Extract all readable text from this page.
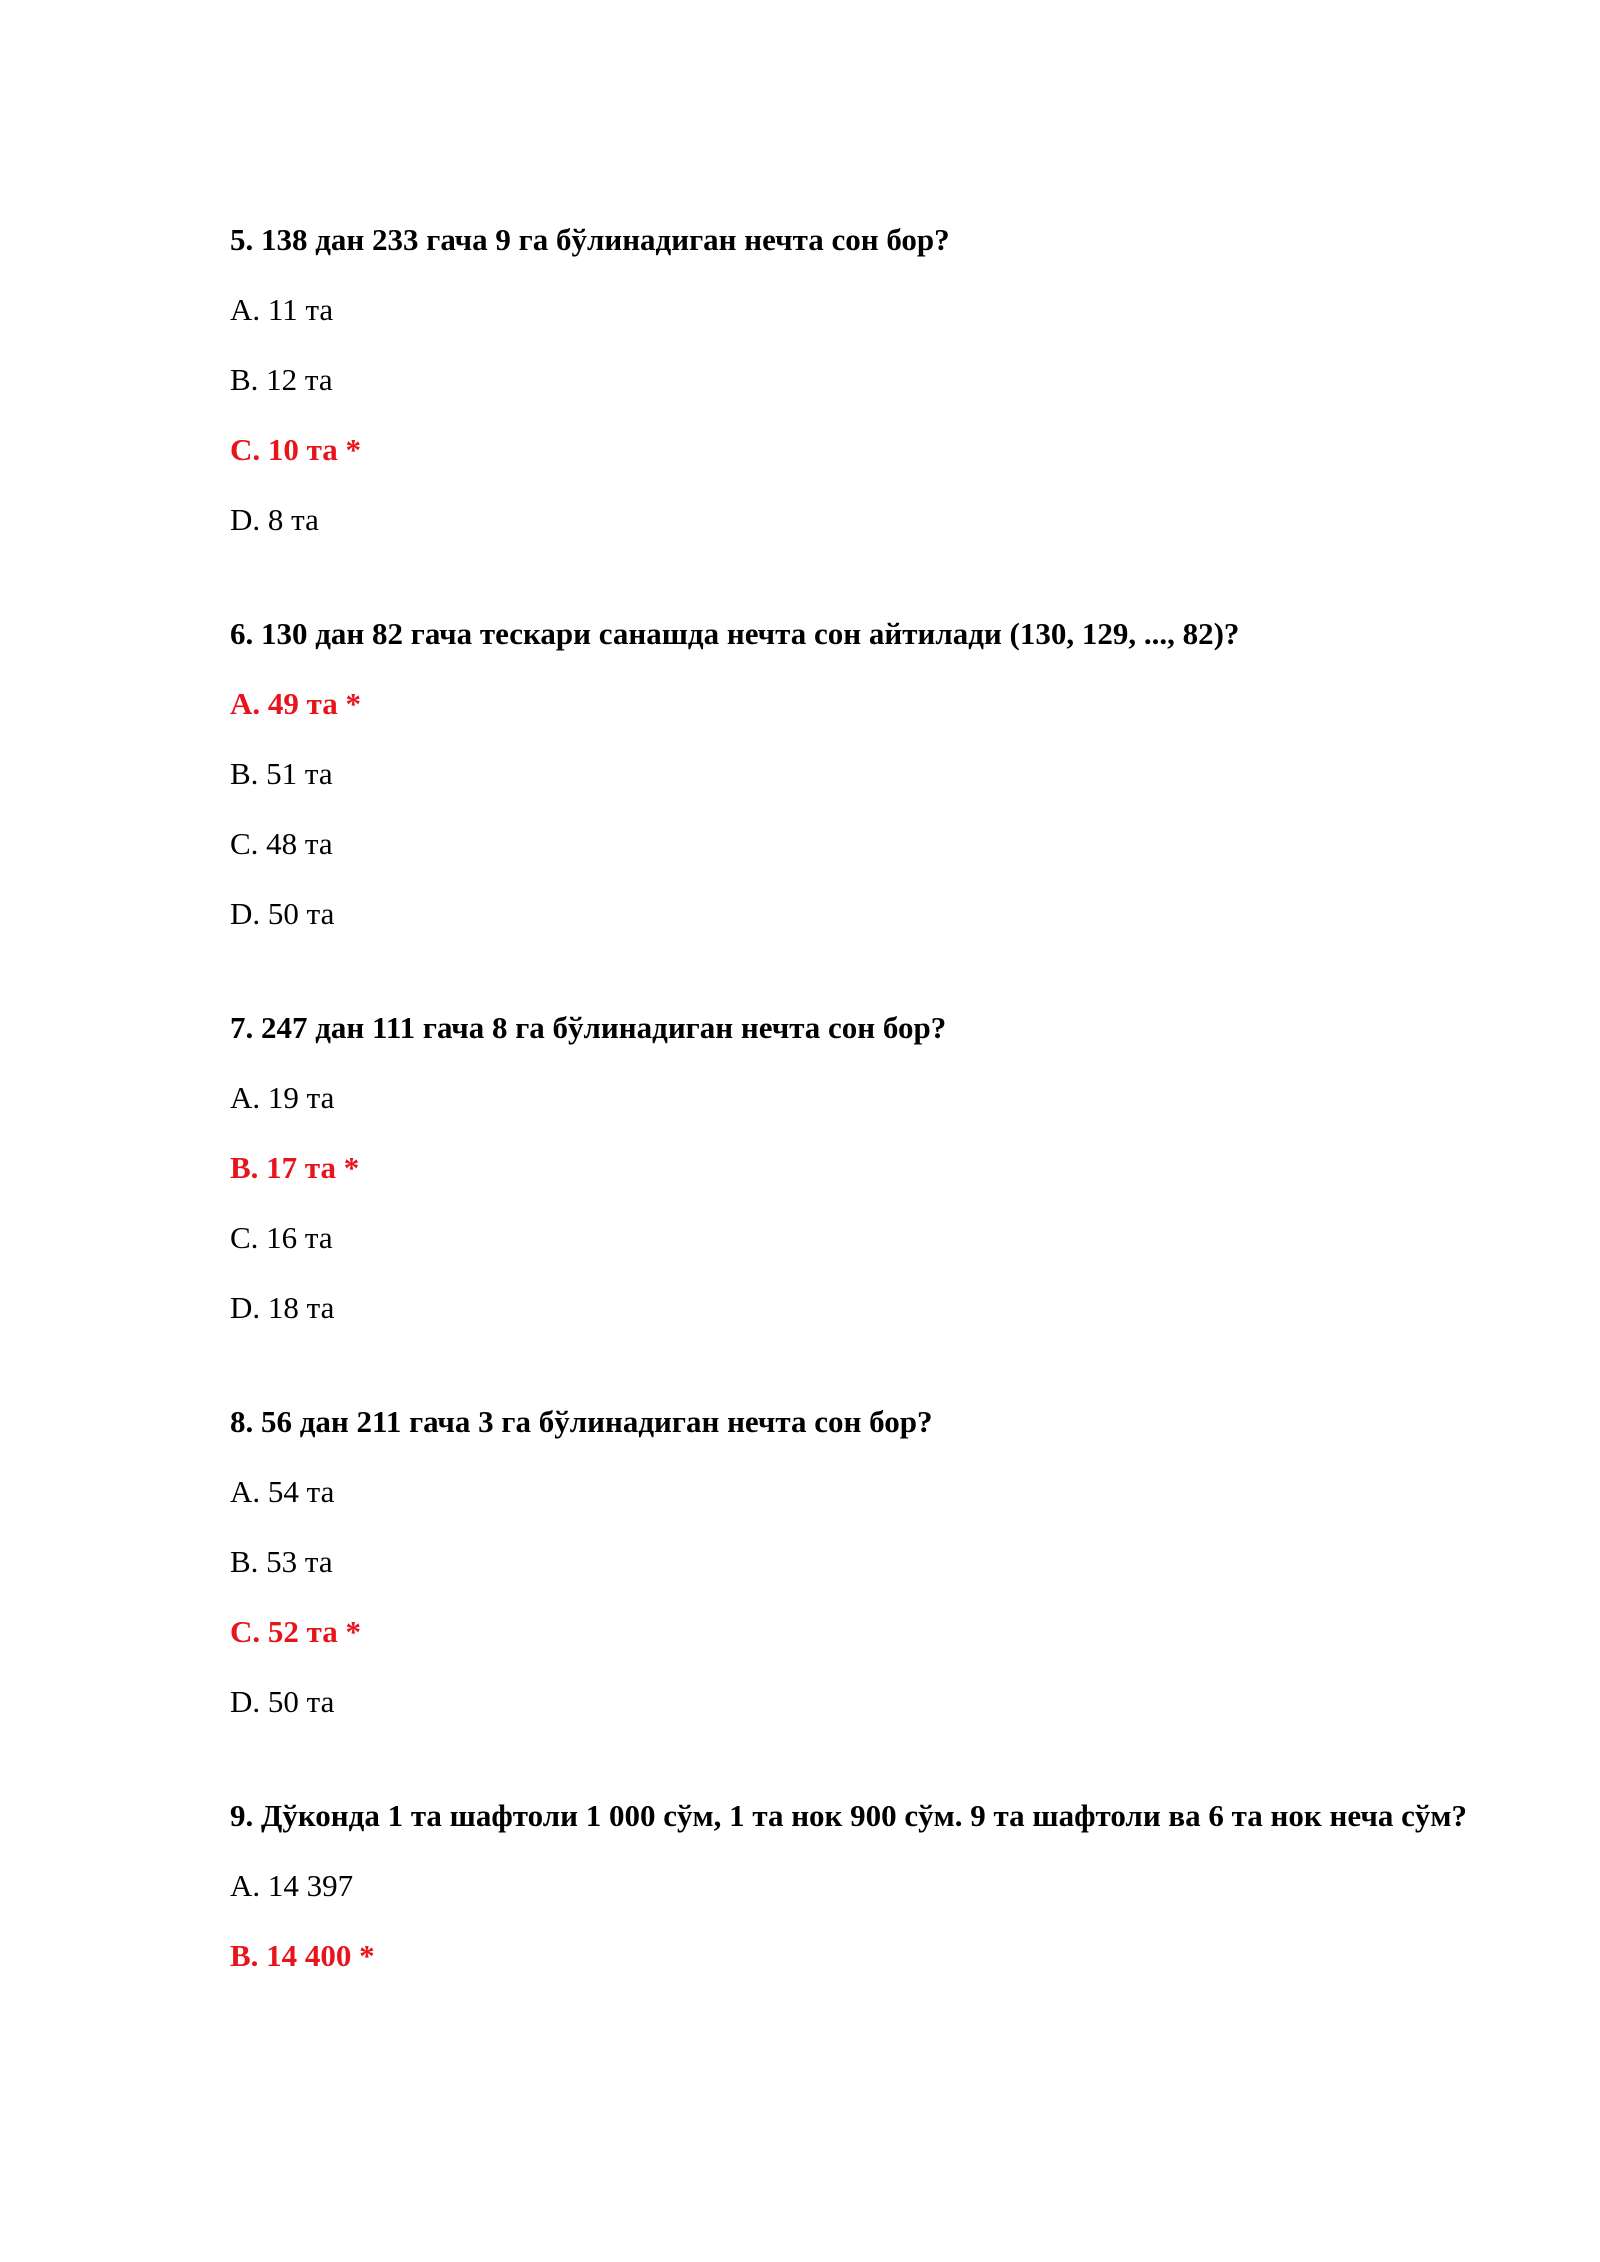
5. 138 дан 233 гача 9 га бўлинадиган нечта сон бор?
A. 11 та
B. 12 та
C. 10 та *
D. 8 та
6. 130 дан 82 гача тескари санашда нечта сон айтилади (130, 129, ..., 82)?
A. 49 та *
B. 51 та
C. 48 та
D. 50 та
7. 247 дан 111 гача 8 га бўлинадиган нечта сон бор?
A. 19 та
B. 17 та *
C. 16 та
D. 18 та
8. 56 дан 211 гача 3 га бўлинадиган нечта сон бор?
A. 54 та
B. 53 та
C. 52 та *
D. 50 та
9. Дўконда 1 та шафтоли 1 000 сўм, 1 та нок 900 сўм. 9 та шафтоли ва 6 та нок неча сўм?
A. 14 397
B. 14 400 *
